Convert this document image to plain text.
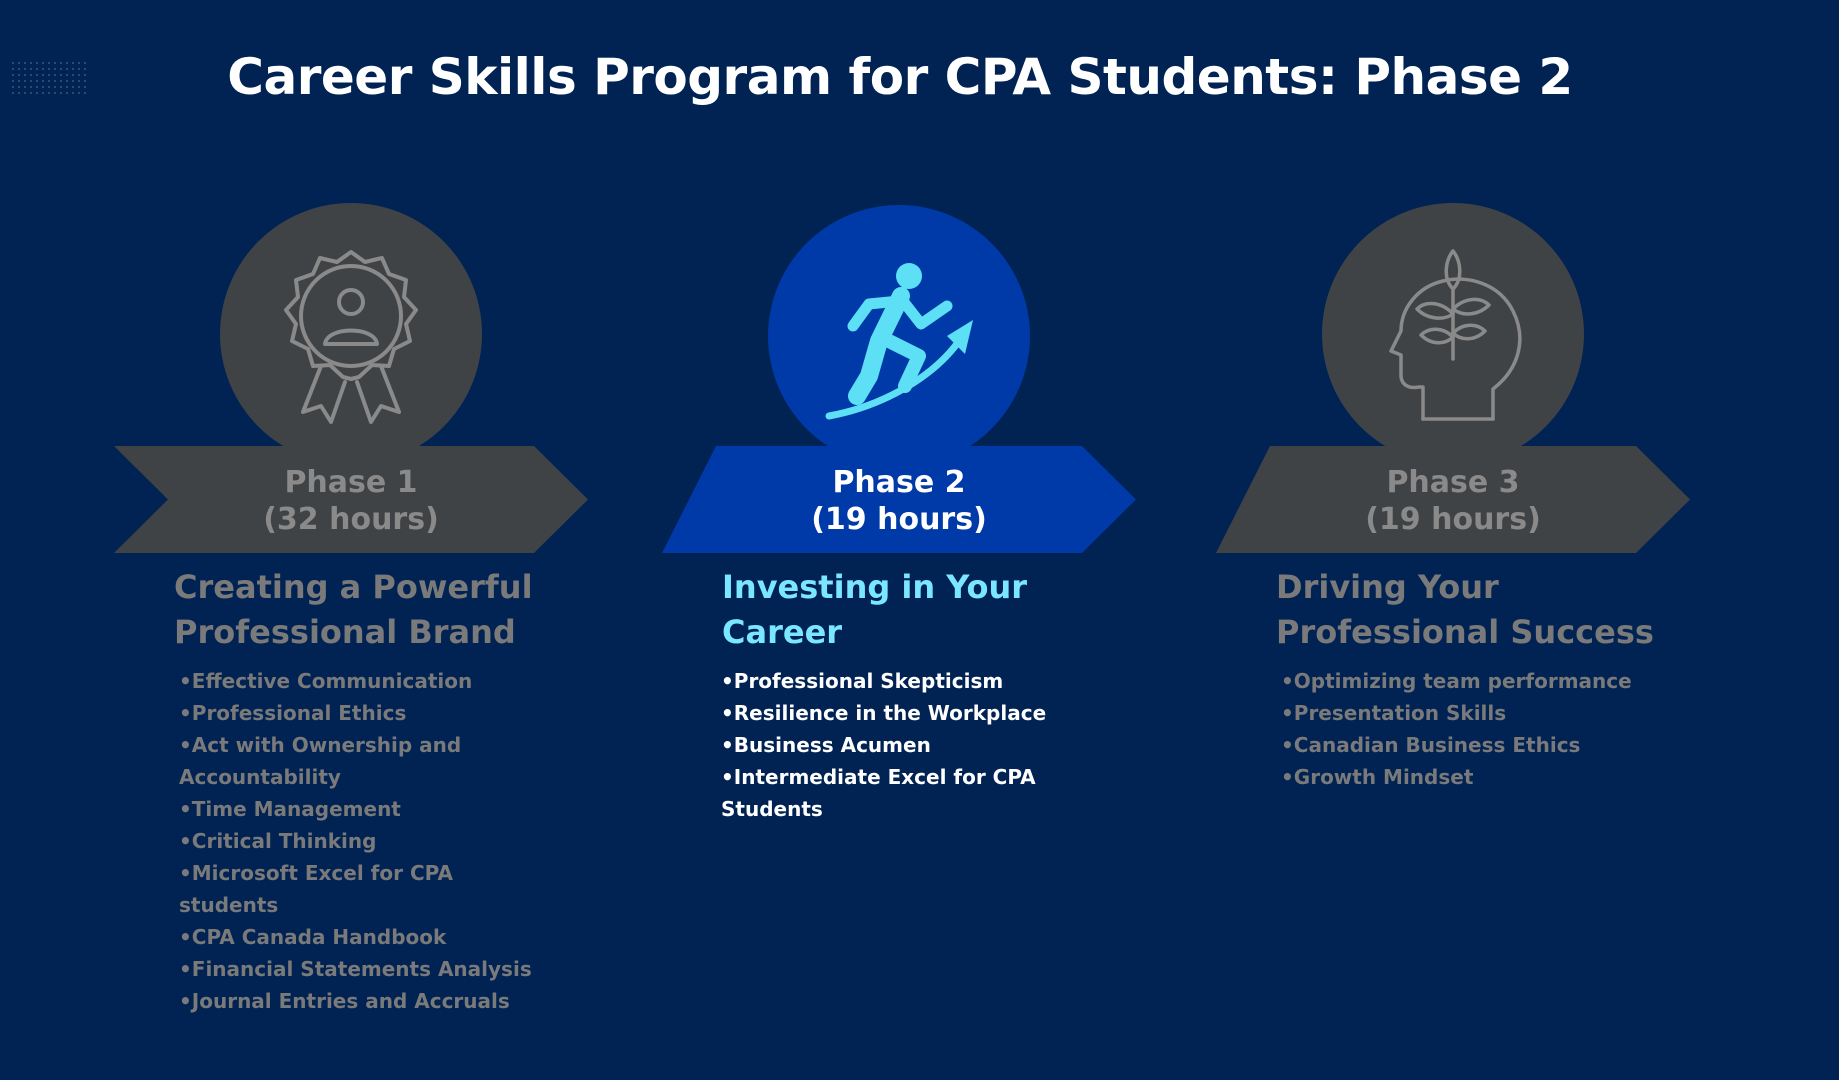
Career Skills Program for CPA Students: Phase 2
Phase 1
(32 hours)
Creating a Powerful Professional Brand
•Effective Communication
•Professional Ethics
•Act with Ownership and Accountability
•Time Management
•Critical Thinking
•Microsoft Excel for CPA students
•CPA Canada Handbook
•Financial Statements Analysis
•Journal Entries and Accruals
Phase 2
(19 hours)
Investing in Your Career
•Professional Skepticism
•Resilience in the Workplace
•Business Acumen
•Intermediate Excel for CPA Students
Phase 3
(19 hours)
Driving Your Professional Success
•Optimizing team performance
•Presentation Skills
•Canadian Business Ethics
•Growth Mindset
